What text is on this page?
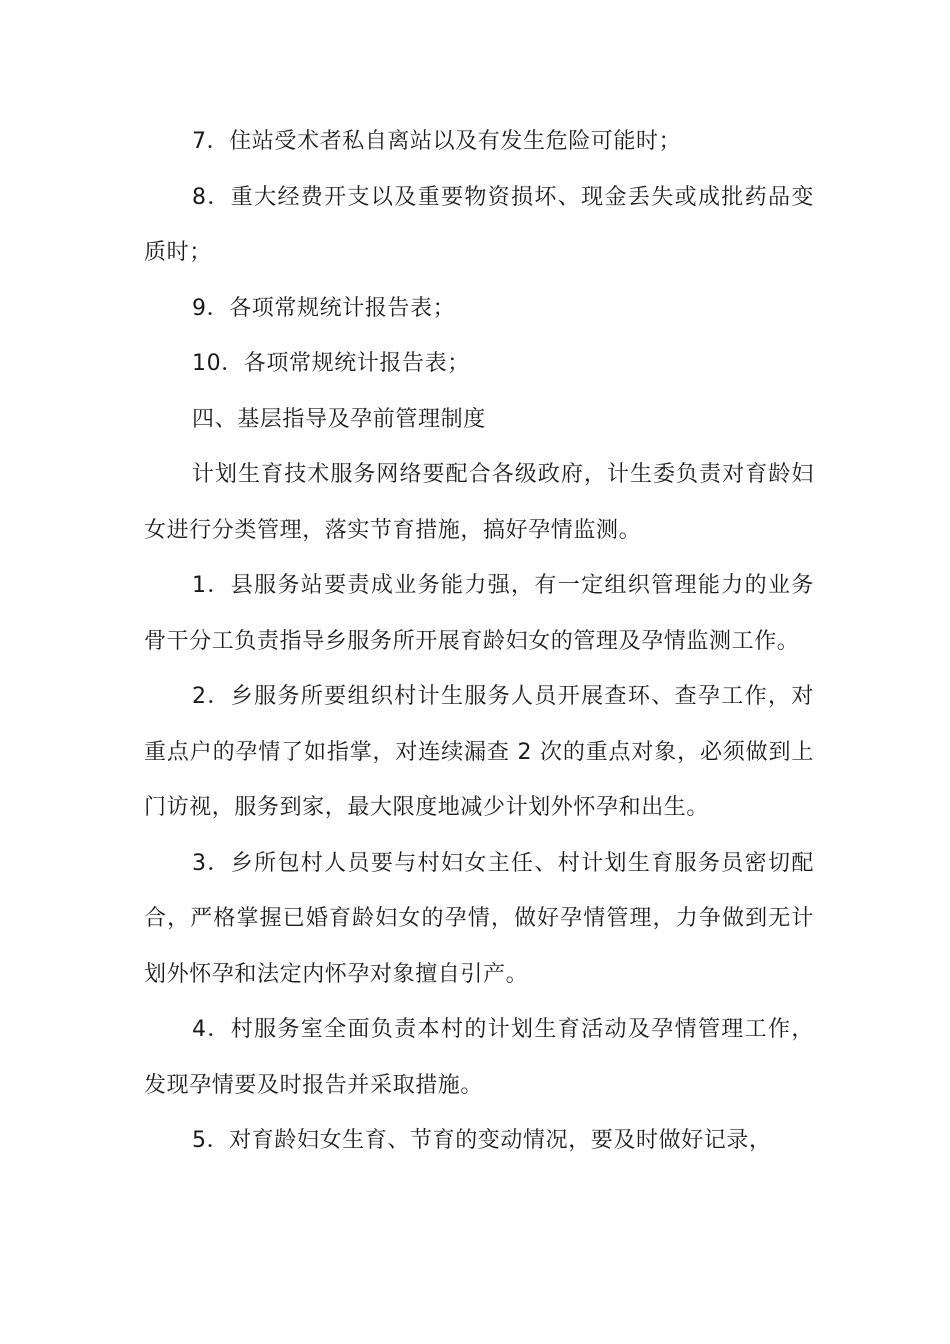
7．住站受术者私自离站以及有发生危险可能时；

8．重大经费开支以及重要物资损坏、现金丢失或成批药品变质时；

9．各项常规统计报告表；

10．各项常规统计报告表；

四、基层指导及孕前管理制度

计划生育技术服务网络要配合各级政府，计生委负责对育龄妇女进行分类管理，落实节育措施，搞好孕情监测。

1．县服务站要责成业务能力强，有一定组织管理能力的业务骨干分工负责指导乡服务所开展育龄妇女的管理及孕情监测工作。

2．乡服务所要组织村计生服务人员开展查环、查孕工作，对重点户的孕情了如指掌，对连续漏查 2 次的重点对象，必须做到上门访视，服务到家，最大限度地减少计划外怀孕和出生。

3．乡所包村人员要与村妇女主任、村计划生育服务员密切配合，严格掌握已婚育龄妇女的孕情，做好孕情管理，力争做到无计划外怀孕和法定内怀孕对象擅自引产。

4．村服务室全面负责本村的计划生育活动及孕情管理工作，发现孕情要及时报告并采取措施。

5．对育龄妇女生育、节育的变动情况，要及时做好记录，
